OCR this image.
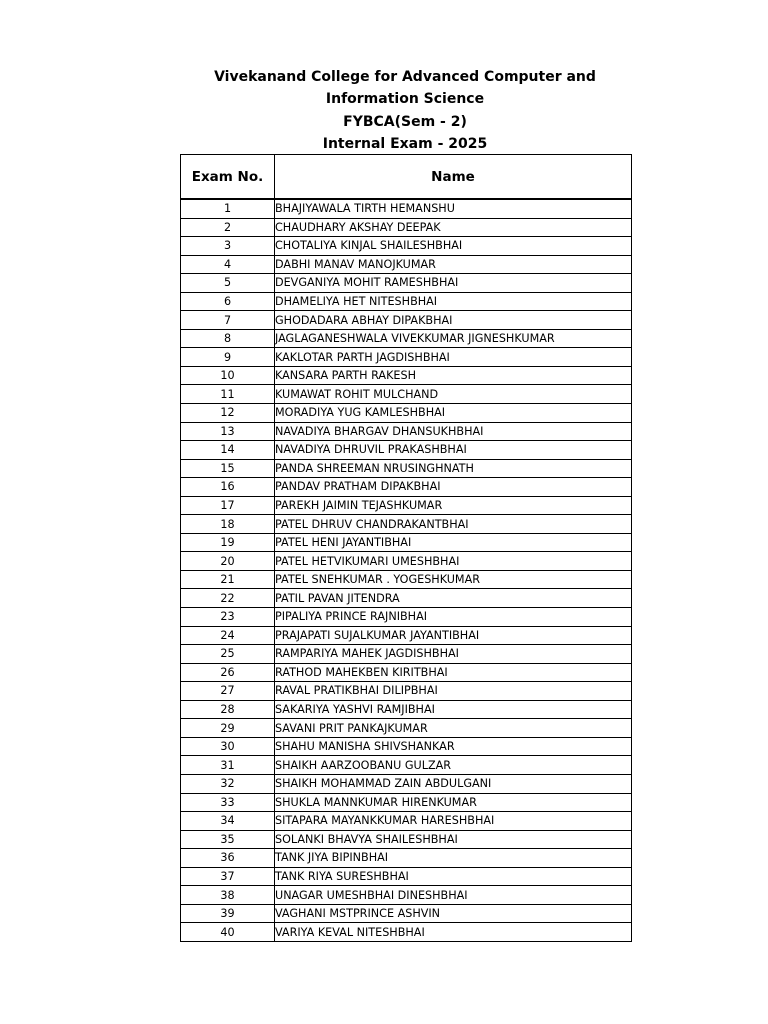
Vivekanand College for Advanced Computer and
Information Science
FYBCA(Sem - 2)
Internal Exam - 2025
Exam No.	Name
1	BHAJIYAWALA TIRTH HEMANSHU
2	CHAUDHARY AKSHAY DEEPAK
3	CHOTALIYA KINJAL SHAILESHBHAI
4	DABHI MANAV MANOJKUMAR
5	DEVGANIYA MOHIT RAMESHBHAI
6	DHAMELIYA HET NITESHBHAI
7	GHODADARA ABHAY DIPAKBHAI
8	JAGLAGANESHWALA VIVEKKUMAR JIGNESHKUMAR
9	KAKLOTAR PARTH JAGDISHBHAI
10	KANSARA PARTH RAKESH
11	KUMAWAT ROHIT MULCHAND
12	MORADIYA YUG KAMLESHBHAI
13	NAVADIYA BHARGAV DHANSUKHBHAI
14	NAVADIYA DHRUVIL PRAKASHBHAI
15	PANDA SHREEMAN NRUSINGHNATH
16	PANDAV PRATHAM DIPAKBHAI
17	PAREKH JAIMIN TEJASHKUMAR
18	PATEL DHRUV CHANDRAKANTBHAI
19	PATEL HENI JAYANTIBHAI
20	PATEL HETVIKUMARI UMESHBHAI
21	PATEL SNEHKUMAR . YOGESHKUMAR
22	PATIL PAVAN JITENDRA
23	PIPALIYA PRINCE RAJNIBHAI
24	PRAJAPATI SUJALKUMAR JAYANTIBHAI
25	RAMPARIYA MAHEK JAGDISHBHAI
26	RATHOD MAHEKBEN KIRITBHAI
27	RAVAL PRATIKBHAI DILIPBHAI
28	SAKARIYA YASHVI RAMJIBHAI
29	SAVANI PRIT PANKAJKUMAR
30	SHAHU MANISHA SHIVSHANKAR
31	SHAIKH AARZOOBANU GULZAR
32	SHAIKH MOHAMMAD ZAIN ABDULGANI
33	SHUKLA MANNKUMAR HIRENKUMAR
34	SITAPARA MAYANKKUMAR HARESHBHAI
35	SOLANKI BHAVYA SHAILESHBHAI
36	TANK JIYA BIPINBHAI
37	TANK RIYA SURESHBHAI
38	UNAGAR UMESHBHAI DINESHBHAI
39	VAGHANI MSTPRINCE ASHVIN
40	VARIYA KEVAL NITESHBHAI
